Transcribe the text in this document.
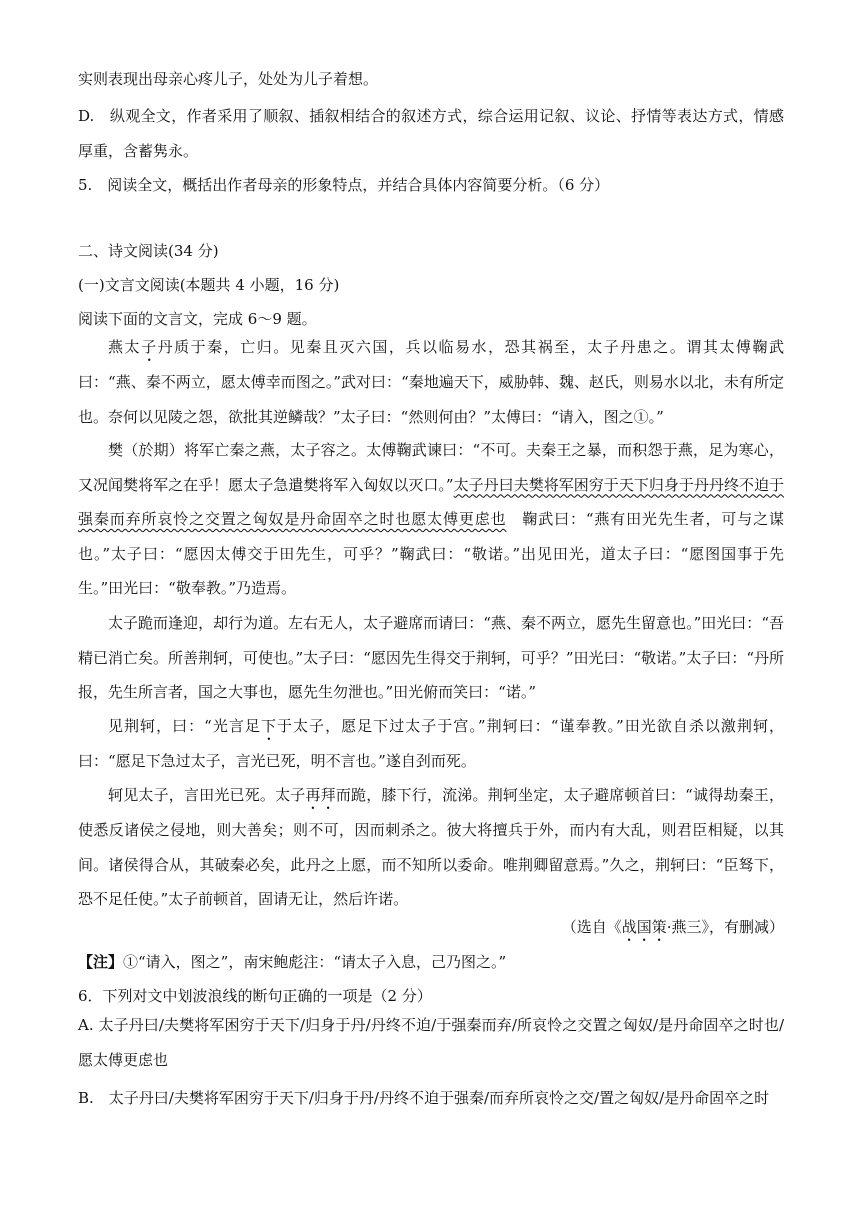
实则表现出母亲心疼儿子，处处为儿子着想。
D.　纵观全文，作者采用了顺叙、插叙相结合的叙述方式，综合运用记叙、议论、抒情等表达方式，情感厚重，含蓄隽永。
5.　阅读全文，概括出作者母亲的形象特点，并结合具体内容简要分析。（6 分）
二、诗文阅读(34 分)
(一)文言文阅读(本题共 4 小题，16 分)
阅读下面的文言文，完成 6～9 题。
燕太子丹质于秦，亡归。见秦且灭六国，兵以临易水，恐其祸至，太子丹患之。谓其太傅鞠武曰：“燕、秦不两立，愿太傅幸而图之。”武对曰：“秦地遍天下，威胁韩、魏、赵氏，则易水以北，未有所定也。奈何以见陵之怨，欲批其逆鳞哉？”太子曰：“然则何由？”太傅曰：“请入，图之①。”
樊（於期）将军亡秦之燕，太子容之。太傅鞠武谏曰：“不可。夫秦王之暴，而积怨于燕，足为寒心，又况闻樊将军之在乎！愿太子急遣樊将军入匈奴以灭口。”太子丹曰夫樊将军困穷于天下归身于丹丹终不迫于强秦而弃所哀怜之交置之匈奴是丹命固卒之时也愿太傅更虑也　鞠武曰：“燕有田光先生者，可与之谋也。”太子曰：“愿因太傅交于田先生，可乎？”鞠武曰：“敬诺。”出见田光，道太子曰：“愿图国事于先生。”田光曰：“敬奉教。”乃造焉。
太子跪而逢迎，却行为道。左右无人，太子避席而请曰：“燕、秦不两立，愿先生留意也。”田光曰：“吾精已消亡矣。所善荆轲，可使也。”太子曰：“愿因先生得交于荆轲，可乎？”田光曰：“敬诺。”太子曰：“丹所报，先生所言者，国之大事也，愿先生勿泄也。”田光俯而笑曰：“诺。”
见荆轲，曰：“光言足下于太子，愿足下过太子于宫。”荆轲曰：“谨奉教。”田光欲自杀以激荆轲，曰：“愿足下急过太子，言光已死，明不言也。”遂自刭而死。
轲见太子，言田光已死。太子再拜而跪，膝下行，流涕。荆轲坐定，太子避席顿首曰：“诚得劫秦王，使悉反诸侯之侵地，则大善矣；则不可，因而刺杀之。彼大将擅兵于外，而内有大乱，则君臣相疑，以其间。诸侯得合从，其破秦必矣，此丹之上愿，而不知所以委命。唯荆卿留意焉。”久之，荆轲曰：“臣驽下，恐不足任使。”太子前顿首，固请无让，然后许诺。
（选自《战国策·燕三》，有删减）
【注】①“请入，图之”，南宋鲍彪注：“请太子入息，己乃图之。”
6．下列对文中划波浪线的断句正确的一项是（2 分）
A. 太子丹曰/夫樊将军困穷于天下/归身于丹/丹终不迫/于强秦而弃/所哀怜之交置之匈奴/是丹命固卒之时也/愿太傅更虑也
B.　太子丹曰/夫樊将军困穷于天下/归身于丹/丹终不迫于强秦/而弃所哀怜之交/置之匈奴/是丹命固卒之时
